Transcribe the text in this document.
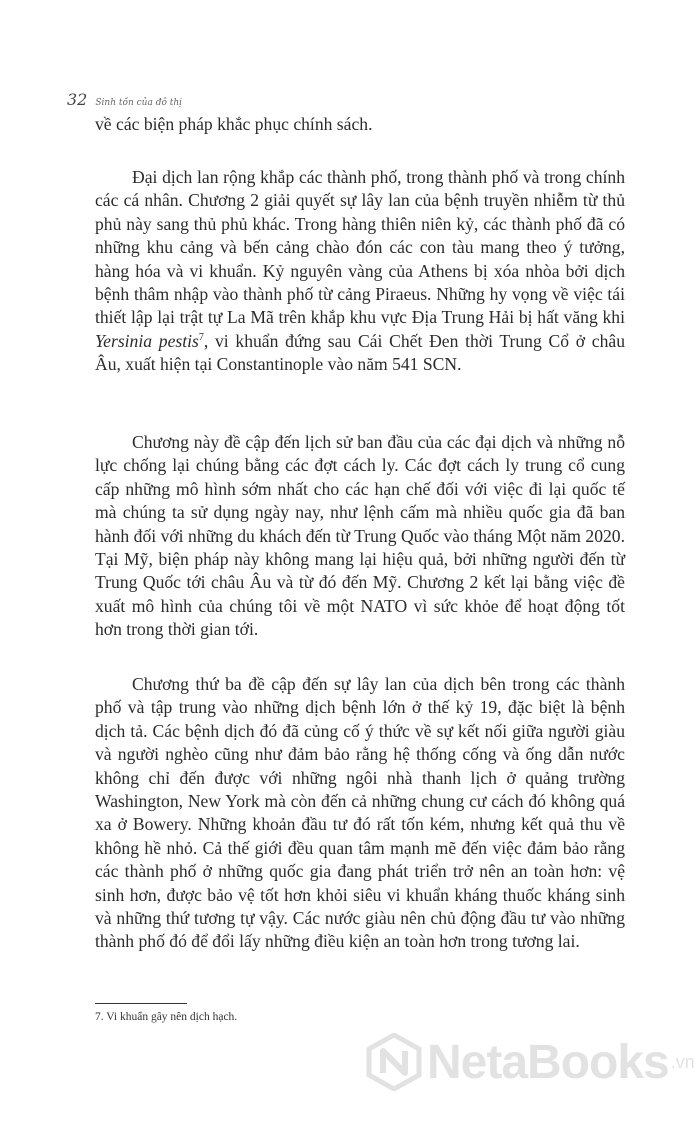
32 Sinh tồn của đô thị

về các biện pháp khắc phục chính sách.

Đại dịch lan rộng khắp các thành phố, trong thành phố và trong chính các cá nhân. Chương 2 giải quyết sự lây lan của bệnh truyền nhiễm từ thủ phủ này sang thủ phủ khác. Trong hàng thiên niên kỷ, các thành phố đã có những khu cảng và bến cảng chào đón các con tàu mang theo ý tưởng, hàng hóa và vi khuẩn. Kỷ nguyên vàng của Athens bị xóa nhòa bởi dịch bệnh thâm nhập vào thành phố từ cảng Piraeus. Những hy vọng về việc tái thiết lập lại trật tự La Mã trên khắp khu vực Địa Trung Hải bị hất văng khi Yersinia pestis$^7$, vi khuẩn đứng sau Cái Chết Đen thời Trung Cổ ở châu Âu, xuất hiện tại Constantinople vào năm 541 SCN.

Chương này đề cập đến lịch sử ban đầu của các đại dịch và những nỗ lực chống lại chúng bằng các đợt cách ly. Các đợt cách ly trung cổ cung cấp những mô hình sớm nhất cho các hạn chế đối với việc đi lại quốc tế mà chúng ta sử dụng ngày nay, như lệnh cấm mà nhiều quốc gia đã ban hành đối với những du khách đến từ Trung Quốc vào tháng Một năm 2020. Tại Mỹ, biện pháp này không mang lại hiệu quả, bởi những người đến từ Trung Quốc tới châu Âu và từ đó đến Mỹ. Chương 2 kết lại bằng việc đề xuất mô hình của chúng tôi về một NATO vì sức khỏe để hoạt động tốt hơn trong thời gian tới.

Chương thứ ba đề cập đến sự lây lan của dịch bên trong các thành phố và tập trung vào những dịch bệnh lớn ở thế kỷ 19, đặc biệt là bệnh dịch tả. Các bệnh dịch đó đã củng cố ý thức về sự kết nối giữa người giàu và người nghèo cũng như đảm bảo rằng hệ thống cống và ống dẫn nước không chỉ đến được với những ngôi nhà thanh lịch ở quảng trường Washington, New York mà còn đến cả những chung cư cách đó không quá xa ở Bowery. Những khoản đầu tư đó rất tốn kém, nhưng kết quả thu về không hề nhỏ. Cả thế giới đều quan tâm mạnh mẽ đến việc đảm bảo rằng các thành phố ở những quốc gia đang phát triển trở nên an toàn hơn: vệ sinh hơn, được bảo vệ tốt hơn khỏi siêu vi khuẩn kháng thuốc kháng sinh và những thứ tương tự vậy. Các nước giàu nên chủ động đầu tư vào những thành phố đó để đổi lấy những điều kiện an toàn hơn trong tương lai.

7. Vi khuẩn gây nên dịch hạch.
NetaBooks .vn
